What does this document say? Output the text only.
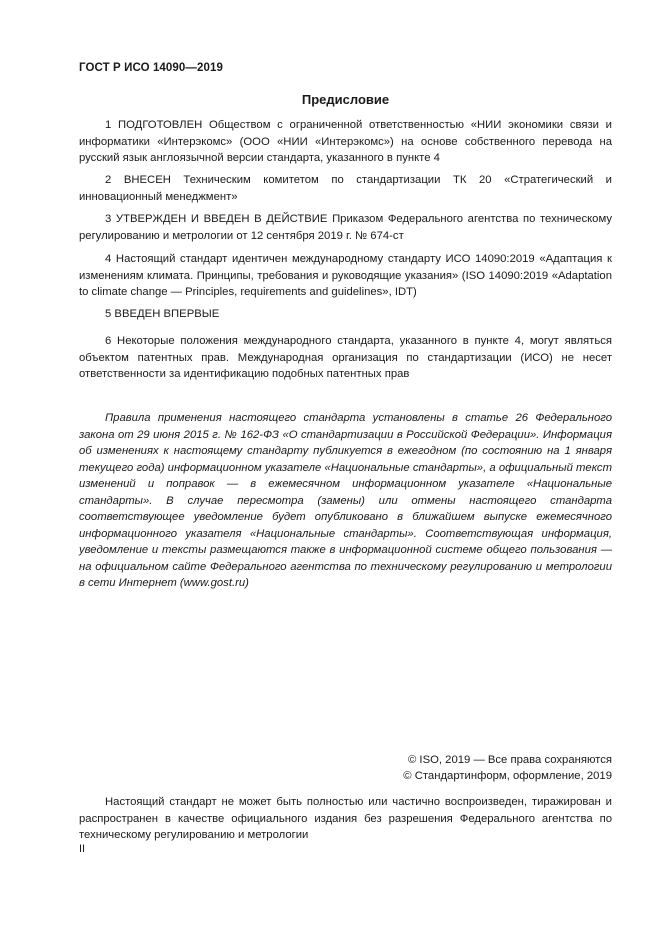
ГОСТ Р ИСО 14090—2019
Предисловие
1 ПОДГОТОВЛЕН Обществом с ограниченной ответственностью «НИИ экономики связи и информатики «Интерэкомс» (ООО «НИИ «Интерэкомс») на основе собственного перевода на русский язык англоязычной версии стандарта, указанного в пункте 4
2 ВНЕСЕН Техническим комитетом по стандартизации ТК 20 «Стратегический и инновационный менеджмент»
3 УТВЕРЖДЕН И ВВЕДЕН В ДЕЙСТВИЕ Приказом Федерального агентства по техническому регулированию и метрологии от 12 сентября 2019 г. № 674-ст
4 Настоящий стандарт идентичен международному стандарту ИСО 14090:2019 «Адаптация к изменениям климата. Принципы, требования и руководящие указания» (ISO 14090:2019 «Adaptation to climate change — Principles, requirements and guidelines», IDT)
5 ВВЕДЕН ВПЕРВЫЕ
6 Некоторые положения международного стандарта, указанного в пункте 4, могут являться объектом патентных прав. Международная организация по стандартизации (ИСО) не несет ответственности за идентификацию подобных патентных прав
Правила применения настоящего стандарта установлены в статье 26 Федерального закона от 29 июня 2015 г. № 162-ФЗ «О стандартизации в Российской Федерации». Информация об изменениях к настоящему стандарту публикуется в ежегодном (по состоянию на 1 января текущего года) информационном указателе «Национальные стандарты», а официальный текст изменений и поправок — в ежемесячном информационном указателе «Национальные стандарты». В случае пересмотра (замены) или отмены настоящего стандарта соответствующее уведомление будет опубликовано в ближайшем выпуске ежемесячного информационного указателя «Национальные стандарты». Соответствующая информация, уведомление и тексты размещаются также в информационной системе общего пользования — на официальном сайте Федерального агентства по техническому регулированию и метрологии в сети Интернет (www.gost.ru)
© ISO, 2019 — Все права сохраняются
© Стандартинформ, оформление, 2019
Настоящий стандарт не может быть полностью или частично воспроизведен, тиражирован и распространен в качестве официального издания без разрешения Федерального агентства по техническому регулированию и метрологии
II
